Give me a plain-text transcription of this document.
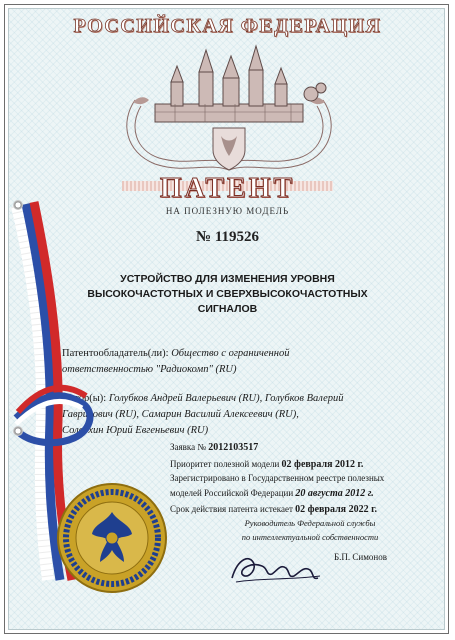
РОССИЙСКАЯ ФЕДЕРАЦИЯ
ПАТЕНТ
НА ПОЛЕЗНУЮ МОДЕЛЬ
№ 119526
УСТРОЙСТВО ДЛЯ ИЗМЕНЕНИЯ УРОВНЯ
ВЫСОКОЧАСТОТНЫХ И СВЕРХВЫСОКОЧАСТОТНЫХ
СИГНАЛОВ
Патентообладатель(ли): Общество с ограниченной
ответственностью "Радиокомп" (RU)
Автор(ы): Голубков Андрей Валерьевич (RU), Голубков Валерий
Гаврилович (RU), Самарин Василий Алексеевич (RU),
Солоухин Юрий Евгеньевич (RU)
Заявка № 2012103517
Приоритет полезной модели 02 февраля 2012 г.
Зарегистрировано в Государственном реестре полезных
моделей Российской Федерации 20 августа 2012 г.
Срок действия патента истекает 02 февраля 2022 г.
Руководитель Федеральной службы
по интеллектуальной собственности
Б.П. Симонов
